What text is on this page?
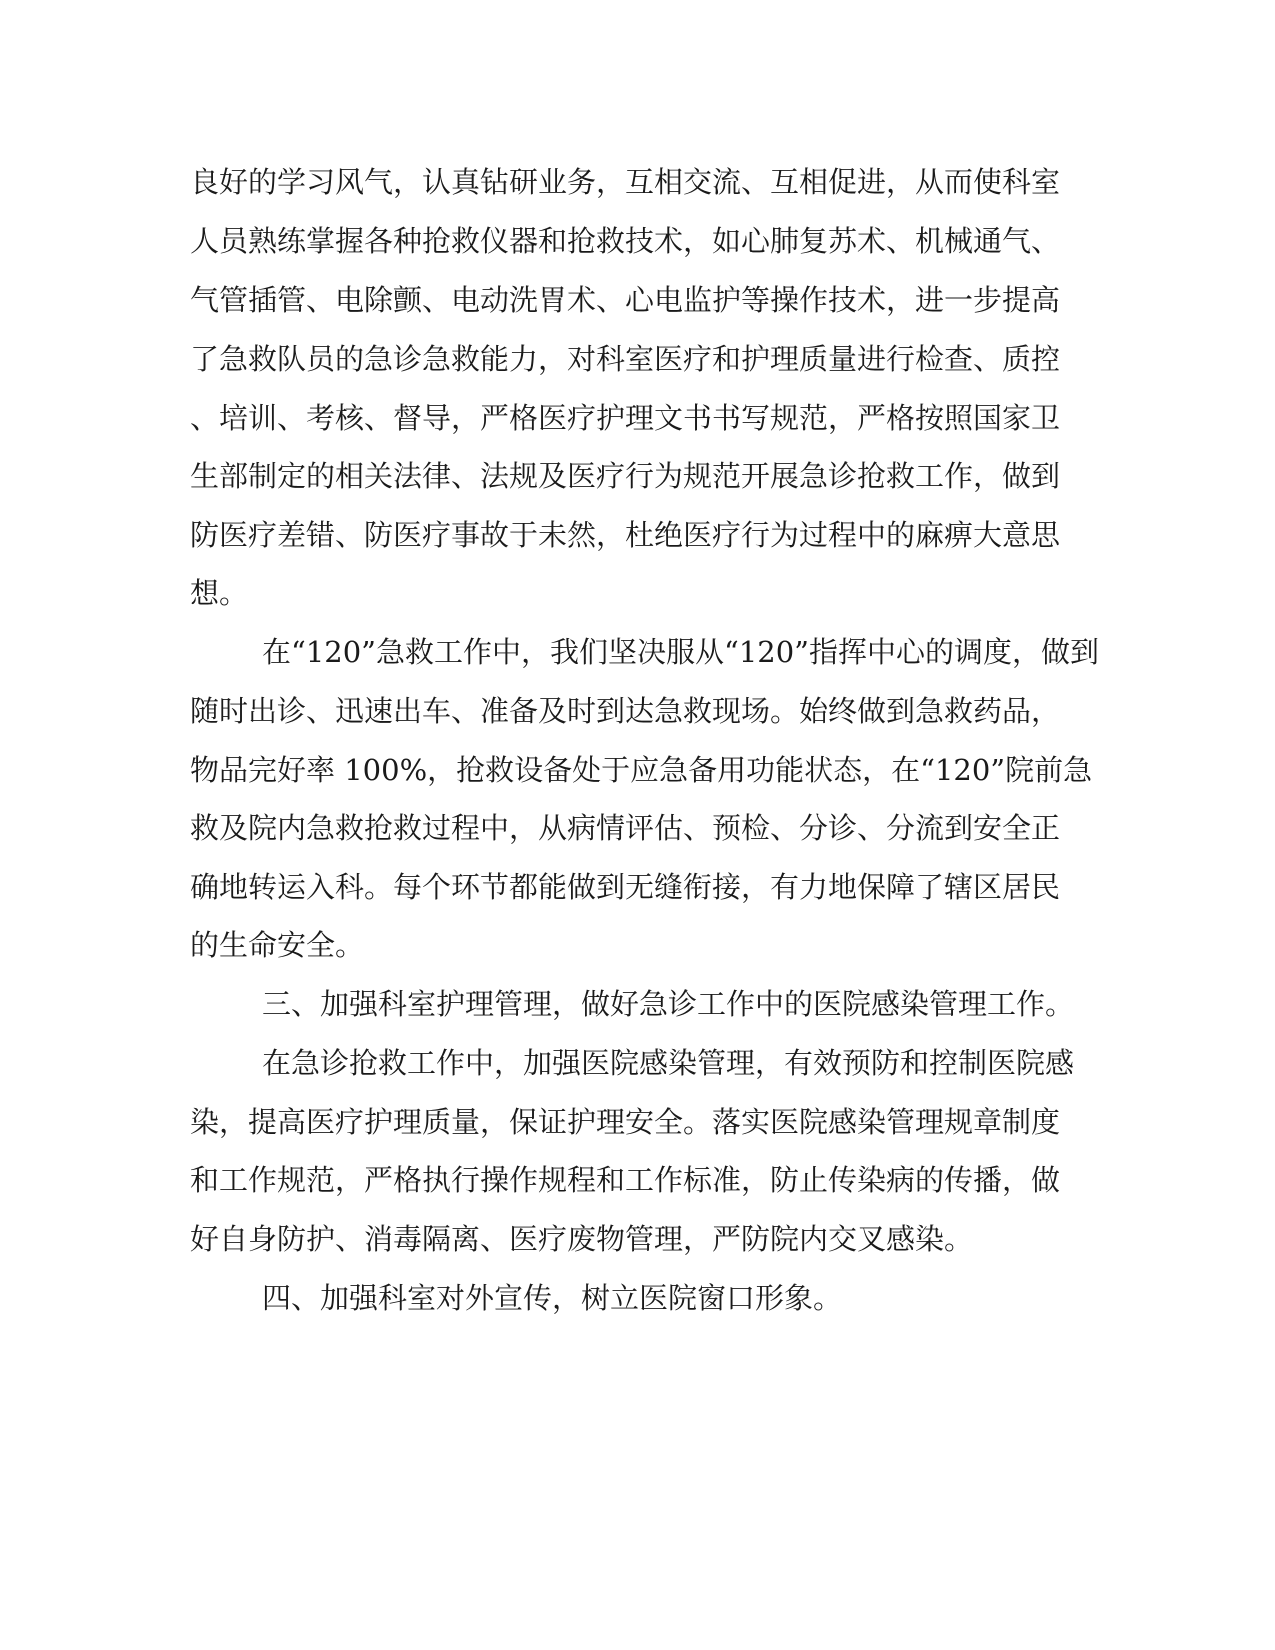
良好的学习风气，认真钻研业务，互相交流、互相促进，从而使科室
人员熟练掌握各种抢救仪器和抢救技术，如心肺复苏术、机械通气、
气管插管、电除颤、电动洗胃术、心电监护等操作技术，进一步提高
了急救队员的急诊急救能力，对科室医疗和护理质量进行检查、质控
、培训、考核、督导，严格医疗护理文书书写规范，严格按照国家卫
生部制定的相关法律、法规及医疗行为规范开展急诊抢救工作，做到
防医疗差错、防医疗事故于未然，杜绝医疗行为过程中的麻痹大意思
想。
在“120”急救工作中，我们坚决服从“120”指挥中心的调度，做到
随时出诊、迅速出车、准备及时到达急救现场。始终做到急救药品，
物品完好率 100%，抢救设备处于应急备用功能状态，在“120”院前急
救及院内急救抢救过程中，从病情评估、预检、分诊、分流到安全正
确地转运入科。每个环节都能做到无缝衔接，有力地保障了辖区居民
的生命安全。
三、加强科室护理管理，做好急诊工作中的医院感染管理工作。
在急诊抢救工作中，加强医院感染管理，有效预防和控制医院感
染，提高医疗护理质量，保证护理安全。落实医院感染管理规章制度
和工作规范，严格执行操作规程和工作标准，防止传染病的传播，做
好自身防护、消毒隔离、医疗废物管理，严防院内交叉感染。
四、加强科室对外宣传，树立医院窗口形象。
